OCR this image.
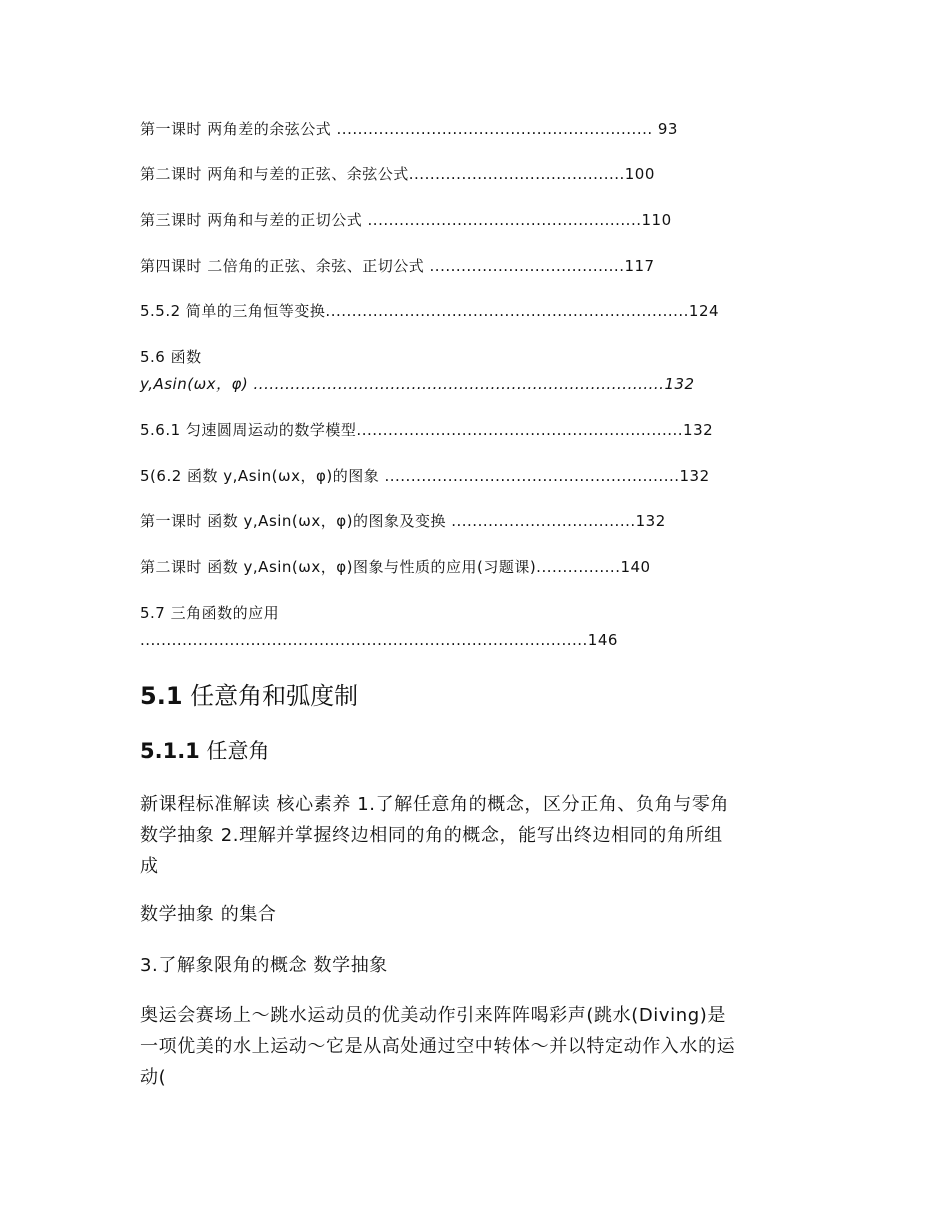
第一课时 两角差的余弦公式 ............................................................ 93
第二课时 两角和与差的正弦、余弦公式.........................................100
第三课时 两角和与差的正切公式 ....................................................110
第四课时 二倍角的正弦、余弦、正切公式 .....................................117
5.5.2 简单的三角恒等变换.....................................................................124
5.6 函数
y,Asin(ωx，φ) ..............................................................................132
5.6.1 匀速圆周运动的数学模型..............................................................132
5(6.2 函数 y,Asin(ωx，φ)的图象 ........................................................132
第一课时 函数 y,Asin(ωx，φ)的图象及变换 ...................................132
第二课时 函数 y,Asin(ωx，φ)图象与性质的应用(习题课)................140
5.7 三角函数的应用
.....................................................................................146
5.1 任意角和弧度制
5.1.1 任意角
新课程标准解读 核心素养 1.了解任意角的概念，区分正角、负角与零角
数学抽象 2.理解并掌握终边相同的角的概念，能写出终边相同的角所组
成
数学抽象 的集合
3.了解象限角的概念 数学抽象
奥运会赛场上～跳水运动员的优美动作引来阵阵喝彩声(跳水(Diving)是
一项优美的水上运动～它是从高处通过空中转体～并以特定动作入水的运
动(
